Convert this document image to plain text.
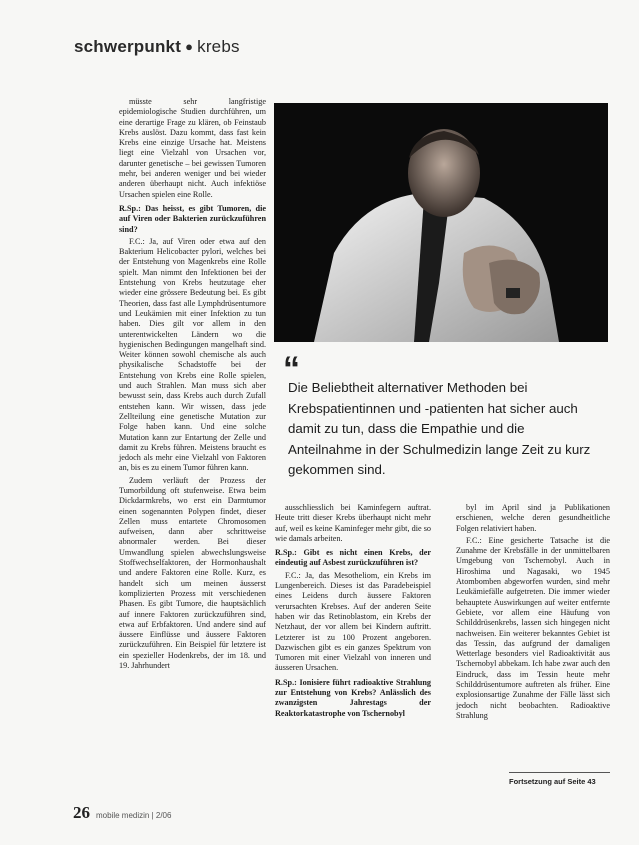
schwerpunkt ● krebs

müsste sehr langfristige epidemiologische Studien durchführen, um eine derartige Frage zu klären, ob Feinstaub Krebs auslöst. Dazu kommt, dass fast kein Krebs eine einzige Ursache hat. Meistens liegt eine Vielzahl von Ursachen vor, darunter genetische – bei gewissen Tumoren mehr, bei anderen weniger und bei wieder anderen überhaupt nicht. Auch infektiöse Ursachen spielen eine Rolle.

R.Sp.: Das heisst, es gibt Tumoren, die auf Viren oder Bakterien zurückzuführen sind?

F.C.: Ja, auf Viren oder etwa auf den Bakterium Helicobacter pylori, welches bei der Entstehung von Magenkrebs eine Rolle spielt. Man nimmt den Infektionen bei der Entstehung von Krebs heutzutage eher wieder eine grössere Bedeutung bei. Es gibt Theorien, dass fast alle Lymphdrüsentumore und Leukämien mit einer Infektion zu tun haben. Dies gilt vor allem in den unterentwickelten Ländern wo die hygienischen Bedingungen mangelhaft sind. Weiter können sowohl chemische als auch physikalische Schadstoffe bei der Entstehung von Krebs eine Rolle spielen, und auch Strahlen. Man muss sich aber bewusst sein, dass Krebs auch durch Zufall entstehen kann. Wir wissen, dass jede Zellteilung eine genetische Mutation zur Folge haben kann. Und eine solche Mutation kann zur Entartung der Zelle und damit zu Krebs führen. Meistens braucht es jedoch als mehr eine Vielzahl von Faktoren an, bis es zu einem Tumor führen kann.

Zudem verläuft der Prozess der Tumorbildung oft stufenweise. Etwa beim Dickdarmkrebs, wo erst ein Darmtumor einen sogenannten Polypen findet, dieser Zellen muss entartete Chromosomen aufweisen, dann aber schrittweise abnormaler werden. Bei dieser Umwandlung spielen abwechslungsweise Stoffwechselfaktoren, der Hormonhaushalt und andere Faktoren eine Rolle. Kurz, es handelt sich um meinen äusserst komplizierten Prozess mit verschiedenen Phasen. Es gibt Tumore, die hauptsächlich auf innere Faktoren zurückzuführen sind, etwa auf Erbfaktoren. Und andere sind auf äussere Einflüsse und äussere Faktoren zurückzuführen. Ein Beispiel für letztere ist ein spezieller Hodenkrebs, der im 18. und 19. Jahrhundert

“
Die Beliebtheit alternativer Methoden bei Krebspatientinnen und -patienten hat sicher auch damit zu tun, dass die Empathie und die Anteilnahme in der Schulmedizin lange Zeit zu kurz gekommen sind.

ausschliesslich bei Kaminfegern auftrat. Heute tritt dieser Krebs überhaupt nicht mehr auf, weil es keine Kaminfeger mehr gibt, die so wie damals arbeiten.

R.Sp.: Gibt es nicht einen Krebs, der eindeutig auf Asbest zurückzuführen ist?

F.C.: Ja, das Mesotheliom, ein Krebs im Lungenbereich. Dieses ist das Paradebeispiel eines Leidens durch äussere Faktoren verursachten Krebses. Auf der anderen Seite haben wir das Retinoblastom, ein Krebs der Netzhaut, der vor allem bei Kindern auftritt. Letzterer ist zu 100 Prozent angeboren. Dazwischen gibt es ein ganzes Spektrum von Tumoren mit einer Vielzahl von inneren und äusseren Ursachen.

R.Sp.: Ionisiere führt radioaktive Strahlung zur Entstehung von Krebs? Anlässlich des zwanzigsten Jahrestags der Reaktorkatastrophe von Tschernobyl

byl im April sind ja Publikationen erschienen, welche deren gesundheitliche Folgen relativiert haben.

F.C.: Eine gesicherte Tatsache ist die Zunahme der Krebsfälle in der unmittelbaren Umgebung von Tschernobyl. Auch in Hiroshima und Nagasaki, wo 1945 Atombomben abgeworfen wurden, sind mehr Leukämiefälle aufgetreten. Die immer wieder behauptete Auswirkungen auf weiter entfernte Gebiete, vor allem eine Häufung von Schilddrüsenkrebs, lassen sich hingegen nicht nachweisen. Ein weiterer bekanntes Gebiet ist das Tessin, das aufgrund der damaligen Wetterlage besonders viel Radioaktivität aus Tschernobyl abbekam. Ich habe zwar auch den Eindruck, dass im Tessin heute mehr Schilddrüsentumore auftreten als früher. Eine explosionsartige Zunahme der Fälle lässt sich jedoch nicht beobachten. Radioaktive Strahlung

Fortsetzung auf Seite 43
26 mobile medizin | 2/06
